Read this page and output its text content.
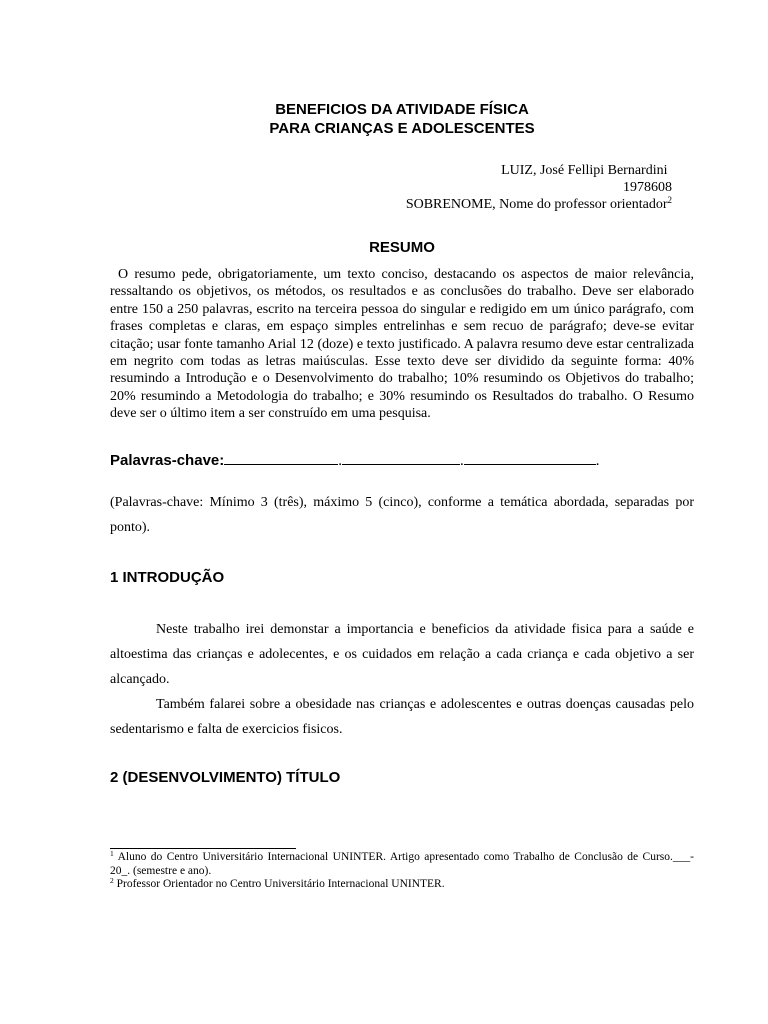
BENEFICIOS DA ATIVIDADE FÍSICA
PARA CRIANÇAS E ADOLESCENTES
LUIZ, José Fellipi Bernardini
1978608
SOBRENOME, Nome do professor orientador$^2$
RESUMO

O resumo pede, obrigatoriamente, um texto conciso, destacando os aspectos de maior relevância, ressaltando os objetivos, os métodos, os resultados e as conclusões do trabalho. Deve ser elaborado entre 150 a 250 palavras, escrito na terceira pessoa do singular e redigido em um único parágrafo, com frases completas e claras, em espaço simples entrelinhas e sem recuo de parágrafo; deve-se evitar citação; usar fonte tamanho Arial 12 (doze) e texto justificado. A palavra resumo deve estar centralizada em negrito com todas as letras maiúsculas. Esse texto deve ser dividido da seguinte forma: 40% resumindo a Introdução e o Desenvolvimento do trabalho; 10% resumindo os Objetivos do trabalho; 20% resumindo a Metodologia do trabalho; e 30% resumindo os Resultados do trabalho. O Resumo deve ser o último item a ser construído em uma pesquisa.

Palavras-chave:	.	.	.

(Palavras-chave: Mínimo 3 (três), máximo 5 (cinco), conforme a temática abordada, separadas por ponto).

1 INTRODUÇÃO

Neste trabalho irei demonstar a importancia e beneficios da atividade fisica para a saúde e altoestima das crianças e adolecentes, e os cuidados em relação a cada criança e cada objetivo a ser alcançado.

Também falarei sobre a obesidade nas crianças e adolescentes e outras doenças causadas pelo sedentarismo e falta de exercicios fisicos.

2 (DESENVOLVIMENTO) TÍTULO

$^1$ Aluno do Centro Universitário Internacional UNINTER. Artigo apresentado como Trabalho de Conclusão de Curso.___- 20_. (semestre e ano).

$^2$ Professor Orientador no Centro Universitário Internacional UNINTER.
